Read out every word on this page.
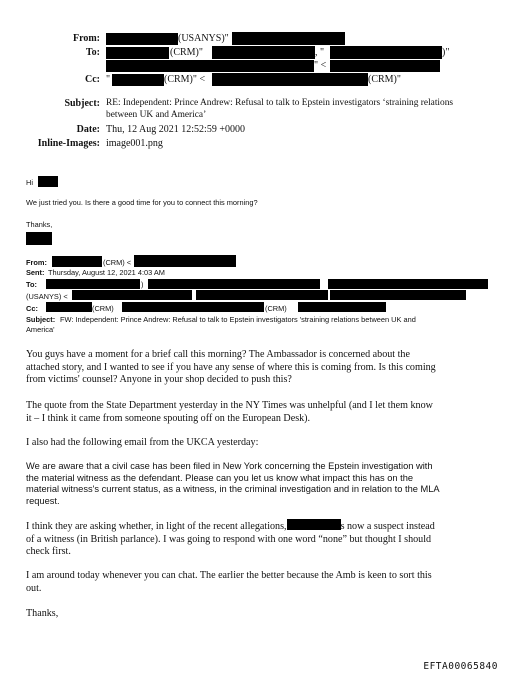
From:	(USANYS)"
To:	(CRM)"	, "	)"
" <
Cc: "	(CRM)" <	(CRM)"
Subject: RE: Independent: Prince Andrew: Refusal to talk to Epstein investigators ‘straining relations
between UK and America’
Date: Thu, 12 Aug 2021 12:52:59 +0000
Inline-Images: image001.png
Hi
We just tried you. Is there a good time for you to connect this morning?
Thanks,
From:	(CRM) <
Sent: Thursday, August 12, 2021 4:03 AM
To:	)
(USANYS) <
Cc:	(CRM)	(CRM)
Subject: FW: Independent: Prince Andrew: Refusal to talk to Epstein investigators 'straining relations between UK and
America'
You guys have a moment for a brief call this morning? The Ambassador is concerned about the
attached story, and I wanted to see if you have any sense of where this is coming from. Is this coming
from victims' counsel? Anyone in your shop decided to push this?
The quote from the State Department yesterday in the NY Times was unhelpful (and I let them know
it – I think it came from someone spouting off on the European Desk).
I also had the following email from the UKCA yesterday:
We are aware that a civil case has been filed in New York concerning the Epstein investigation with
the material witness as the defendant. Please can you let us know what impact this has on the
material witness's current status, as a witness, in the criminal investigation and in relation to the MLA
request.
I think they are asking whether, in light of the recent allegations,	s now a suspect instead
of a witness (in British parlance). I was going to respond with one word “none” but thought I should
check first.
I am around today whenever you can chat. The earlier the better because the Amb is keen to sort this
out.
Thanks,
EFTA00065840
